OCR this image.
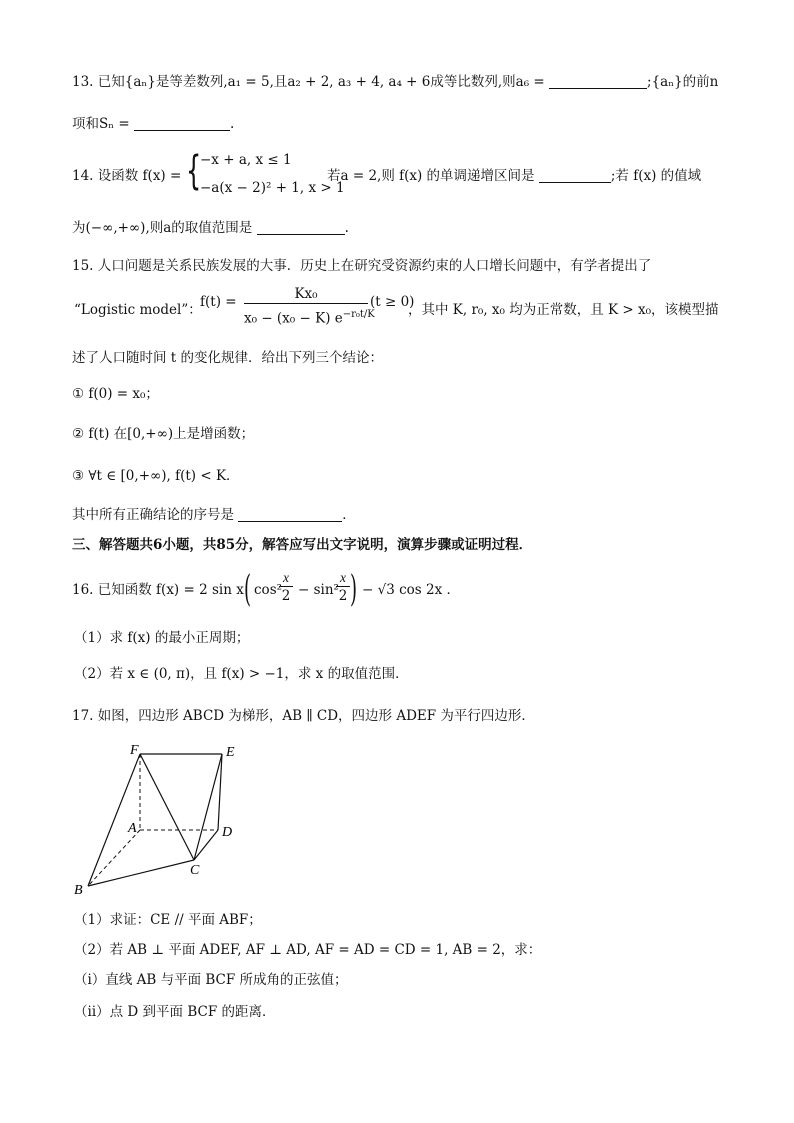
13. 已知{aₙ}是等差数列,a₁ = 5,且a₂ + 2, a₃ + 4, a₄ + 6成等比数列,则a₆ =	;{aₙ}的前n
项和Sₙ =	.
14. 设函数 f(x) = {
−x + a, x ≤ 1
−a(x − 2)² + 1, x > 1
若a = 2,则 f(x) 的单调递增区间是	;若 f(x) 的值域
为(−∞,+∞),则a的取值范围是	.
15. 人口问题是关系民族发展的大事．历史上在研究受资源约束的人口增长问题中，有学者提出了
“Logistic model”：
$f(t) = \frac{\text{Kx₀}}{x_0 - (x_0 - K) e^{-r_0t/K}} (t \ge 0)$
，其中 K, r₀, x₀ 均为正常数，且 K > x₀，该模型描
述了人口随时间 t 的变化规律．给出下列三个结论：
① f(0) = x₀；
② f(t) 在[0,+∞)上是增函数；
③ ∀t ∈ [0,+∞), f(t) < K．
其中所有正确结论的序号是	．
三、解答题共6小题，共85分，解答应写出文字说明，演算步骤或证明过程．
16. 已知函数 f(x) = 2 sin x ( cos²
$\frac{x}{2} - \sin^2$
$\frac{x}{2}$ ) − √3 cos 2x ．
（1）求 f(x) 的最小正周期；
（2）若 x ∈ (0, π)，且 f(x) > −1，求 x 的取值范围．
17. 如图，四边形 ABCD 为梯形，AB ∥ CD，四边形 ADEF 为平行四边形．
F	E
A	D
C
B
（1）求证：CE // 平面 ABF；
（2）若 AB ⊥ 平面 ADEF, AF ⊥ AD, AF = AD = CD = 1, AB = 2，求：
（ⅰ）直线 AB 与平面 BCF 所成角的正弦值；
（ⅱ）点 D 到平面 BCF 的距离．
